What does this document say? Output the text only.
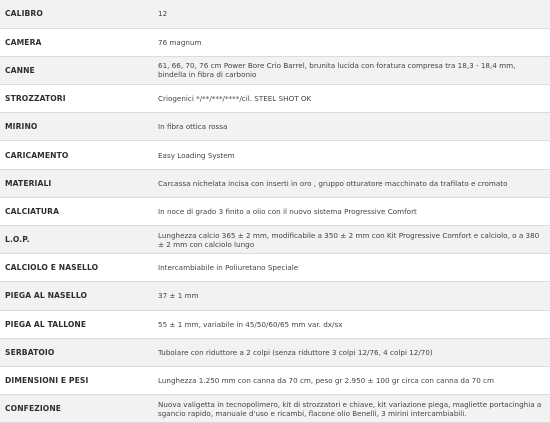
CALIBRO	12
CAMERA	76 magnum
CANNE	61, 66, 70, 76 cm Power Bore Crio Barrel, brunita lucida con foratura compresa tra 18,3 - 18,4 mm, bindella in fibra di carbonio
STROZZATORI	Criogenici */**/***/****/cil. STEEL SHOT OK
MIRINO	In fibra ottica rossa
CARICAMENTO	Easy Loading System
MATERIALI	Carcassa nichelata incisa con inserti in oro , gruppo otturatore macchinato da trafilato e cromato
CALCIATURA	In noce di grado 3 finito a olio con il nuovo sistema Progressive Comfort
L.O.P.	Lunghezza calcio 365 ± 2 mm, modificabile a 350 ± 2 mm con Kit Progressive Comfort e calciolo, o a 380 ± 2 mm con calciolo lungo
CALCIOLO E NASELLO	Intercambiabile in Poliuretano Speciale
PIEGA AL NASELLO	37 ± 1 mm
PIEGA AL TALLONE	55 ± 1 mm, variabile in 45/50/60/65 mm var. dx/sx
SERBATOIO	Tubolare con riduttore a 2 colpi (senza riduttore 3 colpi 12/76, 4 colpi 12/70)
DIMENSIONI E PESI	Lunghezza 1.250 mm con canna da 70 cm, peso gr 2.950 ± 100 gr circa con canna da 70 cm
CONFEZIONE	Nuova valigetta in tecnopolimero, kit di strozzatori e chiave, kit variazione piega, magliette portacinghia a sgancio rapido, manuale d'uso e ricambi, flacone olio Benelli, 3 mirini intercambiabili.
